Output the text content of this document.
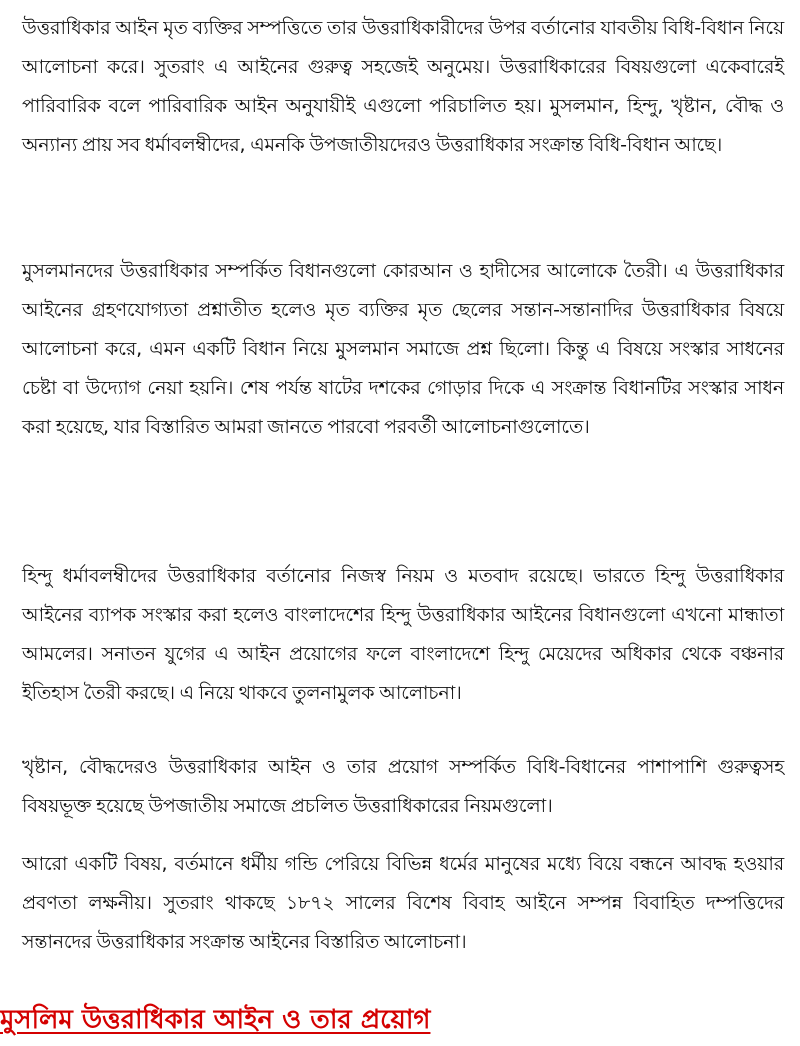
উত্তরাধিকার আইন মৃত ব্যক্তির সম্পত্তিতে তার উত্তরাধিকারীদের উপর বর্তানোর যাবতীয় বিধি-বিধান নিয়ে আলোচনা করে। সুতরাং এ আইনের গুরুত্ব সহজেই অনুমেয়। উত্তরাধিকারের বিষয়গুলো একেবারেই পারিবারিক বলে পারিবারিক আইন অনুযায়ীই এগুলো পরিচালিত হয়। মুসলমান, হিন্দু, খৃষ্টান, বৌদ্ধ ও অন্যান্য প্রায় সব ধর্মাবলম্বীদের, এমনকি উপজাতীয়দেরও উত্তরাধিকার সংক্রান্ত বিধি-বিধান আছে।

মুসলমানদের উত্তরাধিকার সম্পর্কিত বিধানগুলো কোরআন ও হাদীসের আলোকে তৈরী। এ উত্তরাধিকার আইনের গ্রহণযোগ্যতা প্রশ্নাতীত হলেও মৃত ব্যক্তির মৃত ছেলের সন্তান-সন্তানাদির উত্তরাধিকার বিষয়ে আলোচনা করে, এমন একটি বিধান নিয়ে মুসলমান সমাজে প্রশ্ন ছিলো। কিন্তু এ বিষয়ে সংস্কার সাধনের চেষ্টা বা উদ্যোগ নেয়া হয়নি। শেষ পর্যন্ত ষাটের দশকের গোড়ার দিকে এ সংক্রান্ত বিধানটির সংস্কার সাধন করা হয়েছে, যার বিস্তারিত আমরা জানতে পারবো পরবর্তী আলোচনাগুলোতে।

হিন্দু ধর্মাবলম্বীদের উত্তরাধিকার বর্তানোর নিজস্ব নিয়ম ও মতবাদ রয়েছে। ভারতে হিন্দু উত্তরাধিকার আইনের ব্যাপক সংস্কার করা হলেও বাংলাদেশের হিন্দু উত্তরাধিকার আইনের বিধানগুলো এখনো মান্ধাতা আমলের। সনাতন যুগের এ আইন প্রয়োগের ফলে বাংলাদেশে হিন্দু মেয়েদের অধিকার থেকে বঞ্চনার ইতিহাস তৈরী করছে। এ নিয়ে থাকবে তুলনামুলক আলোচনা।

খৃষ্টান, বৌদ্ধদেরও উত্তরাধিকার আইন ও তার প্রয়োগ সম্পর্কিত বিধি-বিধানের পাশাপাশি গুরুত্বসহ বিষয়ভূক্ত হয়েছে উপজাতীয় সমাজে প্রচলিত উত্তরাধিকারের নিয়মগুলো।

আরো একটি বিষয়, বর্তমানে ধর্মীয় গন্ডি পেরিয়ে বিভিন্ন ধর্মের মানুষের মধ্যে বিয়ে বন্ধনে আবদ্ধ হওয়ার প্রবণতা লক্ষনীয়। সুতরাং থাকছে ১৮৭২ সালের বিশেষ বিবাহ আইনে সম্পন্ন বিবাহিত দম্পত্তিদের সন্তানদের উত্তরাধিকার সংক্রান্ত আইনের বিস্তারিত আলোচনা।

মুসলিম উত্তরাধিকার আইন ও তার প্রয়োগ
